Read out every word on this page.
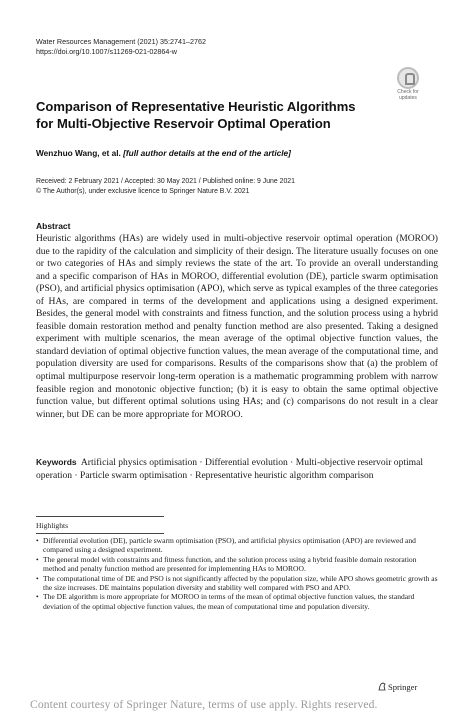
Water Resources Management (2021) 35:2741–2762
https://doi.org/10.1007/s11269-021-02864-w
Check for
updates
Comparison of Representative Heuristic Algorithms for Multi-Objective Reservoir Optimal Operation
Wenzhuo Wang, et al. [full author details at the end of the article]
Received: 2 February 2021 / Accepted: 30 May 2021 / Published online: 9 June 2021
© The Author(s), under exclusive licence to Springer Nature B.V. 2021
Abstract

Heuristic algorithms (HAs) are widely used in multi-objective reservoir optimal operation (MOROO) due to the rapidity of the calculation and simplicity of their design. The literature usually focuses on one or two categories of HAs and simply reviews the state of the art. To provide an overall understanding and a specific comparison of HAs in MOROO, differential evolution (DE), particle swarm optimisation (PSO), and artificial physics optimisation (APO), which serve as typical examples of the three categories of HAs, are compared in terms of the development and applications using a designed experiment. Besides, the general model with constraints and fitness function, and the solution process using a hybrid feasible domain restoration method and penalty function method are also presented. Taking a designed experiment with multiple scenarios, the mean average of the optimal objective function values, the standard deviation of optimal objective function values, the mean average of the computational time, and population diversity are used for comparisons. Results of the comparisons show that (a) the problem of optimal multipurpose reservoir long-term operation is a mathematic programming problem with narrow feasible region and monotonic objective function; (b) it is easy to obtain the same optimal objective function value, but different optimal solutions using HAs; and (c) comparisons do not result in a clear winner, but DE can be more appropriate for MOROO.

Keywords Artificial physics optimisation · Differential evolution · Multi-objective reservoir optimal operation · Particle swarm optimisation · Representative heuristic algorithm comparison

Highlights
• Differential evolution (DE), particle swarm optimisation (PSO), and artificial physics optimisation (APO) are reviewed and compared using a designed experiment.
• The general model with constraints and fitness function, and the solution process using a hybrid feasible domain restoration method and penalty function method are presented for implementing HAs to MOROO.
• The computational time of DE and PSO is not significantly affected by the population size, while APO shows geometric growth as the size increases. DE maintains population diversity and stability well compared with PSO and APO.
• The DE algorithm is more appropriate for MOROO in terms of the mean of optimal objective function values, the standard deviation of the optimal objective function values, the mean of computational time and population diversity.
Springer
Content courtesy of Springer Nature, terms of use apply. Rights reserved.
